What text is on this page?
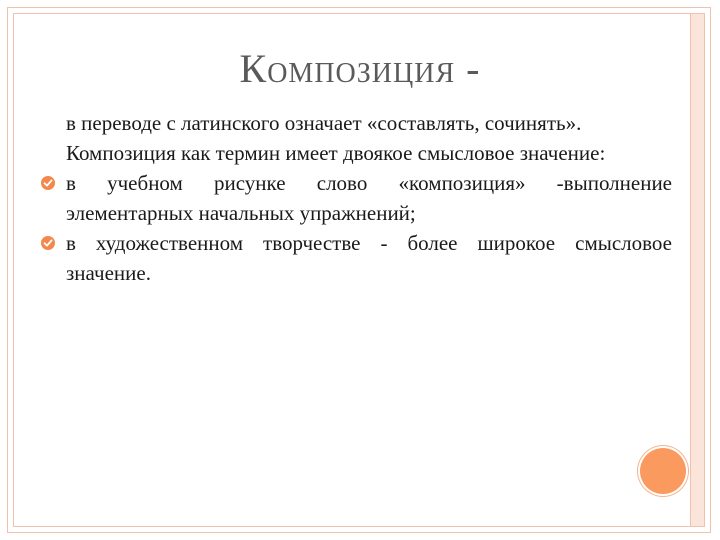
Композиция -

в переводе с латинского означает «составлять, сочинять».

Композиция как термин имеет двоякое смысловое значение:

в учебном рисунке слово «композиция» -выполнение элементарных начальных упражнений;

в художественном творчестве - более широкое смысловое значение.
